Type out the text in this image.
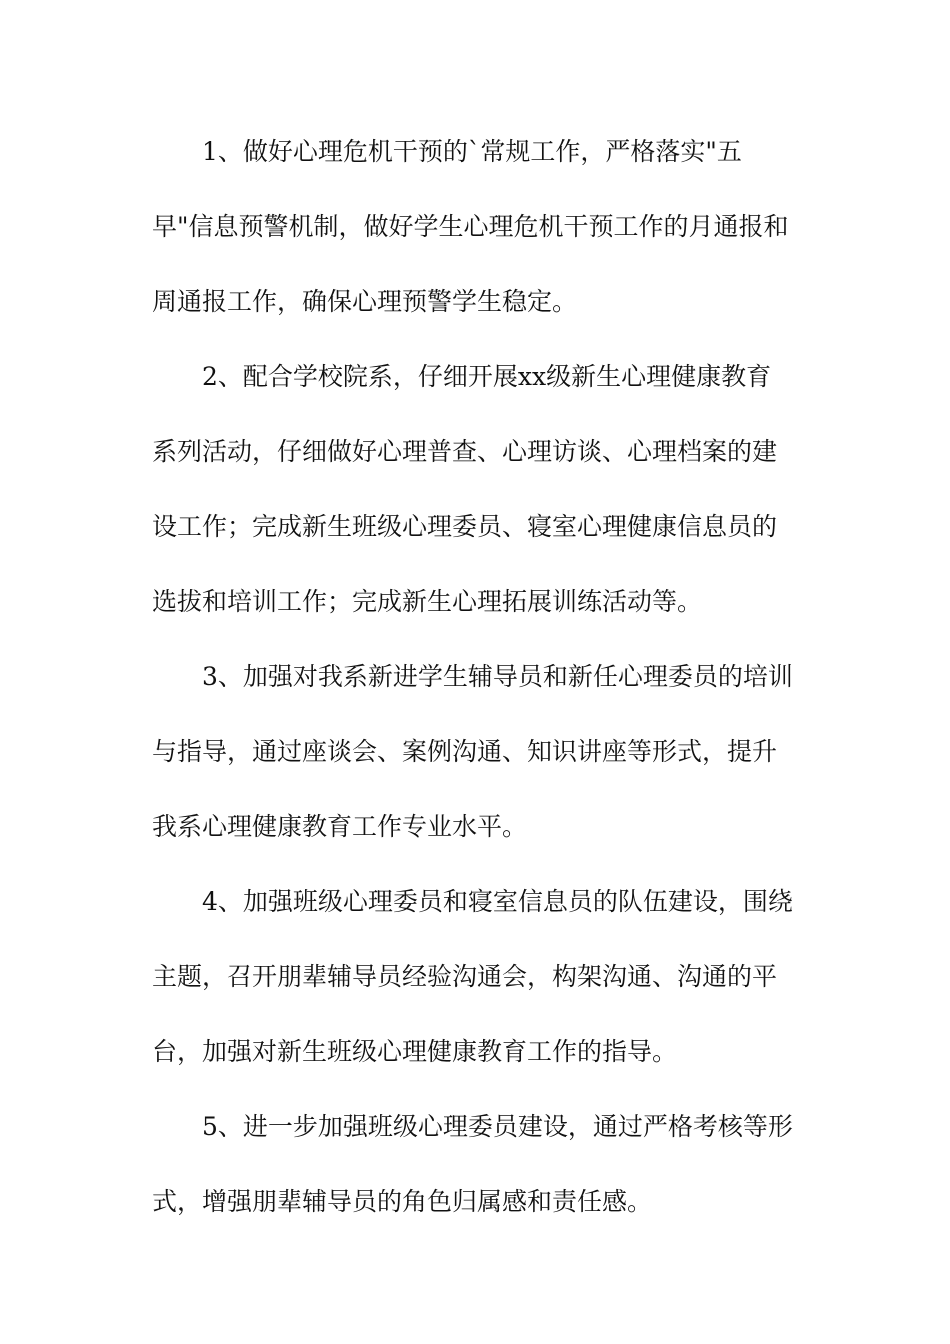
1、做好心理危机干预的`常规工作，严格落实"五
早"信息预警机制，做好学生心理危机干预工作的月通报和
周通报工作，确保心理预警学生稳定。
2、配合学校院系，仔细开展xx级新生心理健康教育
系列活动，仔细做好心理普查、心理访谈、心理档案的建
设工作；完成新生班级心理委员、寝室心理健康信息员的
选拔和培训工作；完成新生心理拓展训练活动等。
3、加强对我系新进学生辅导员和新任心理委员的培训
与指导，通过座谈会、案例沟通、知识讲座等形式，提升
我系心理健康教育工作专业水平。
4、加强班级心理委员和寝室信息员的队伍建设，围绕
主题，召开朋辈辅导员经验沟通会，构架沟通、沟通的平
台，加强对新生班级心理健康教育工作的指导。
5、进一步加强班级心理委员建设，通过严格考核等形
式，增强朋辈辅导员的角色归属感和责任感。
